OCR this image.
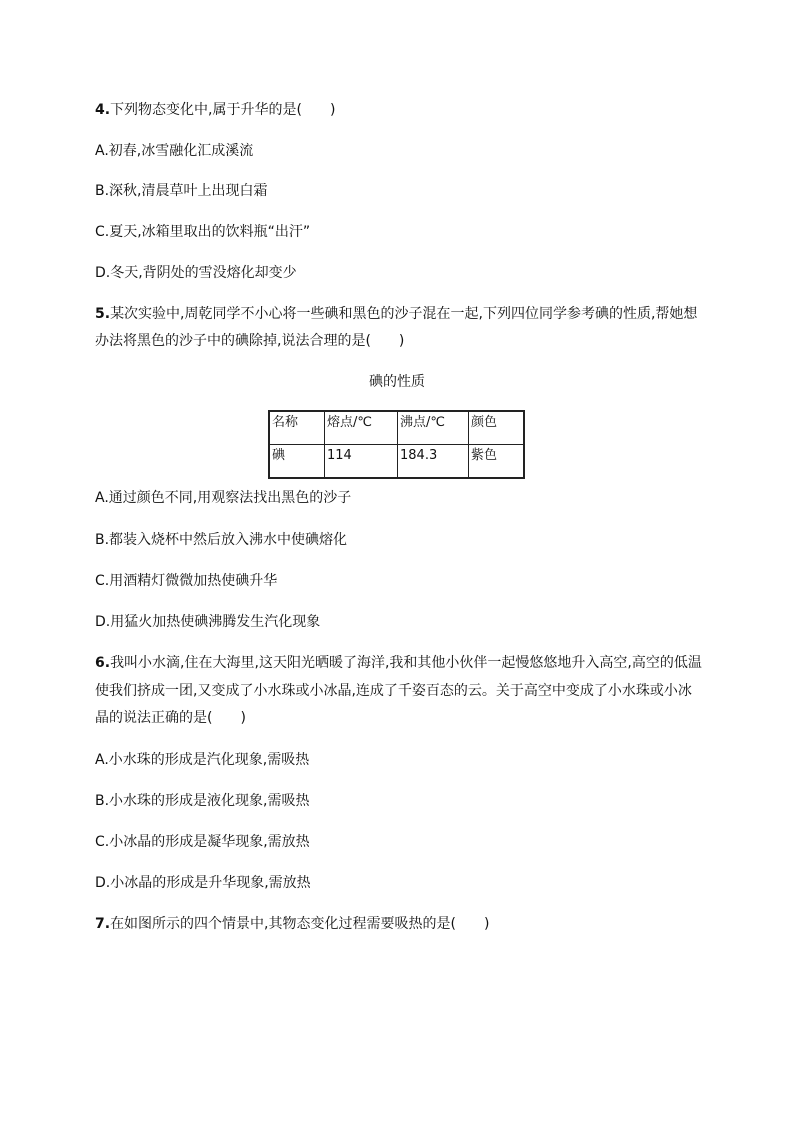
4.下列物态变化中,属于升华的是(　　)
A.初春,冰雪融化汇成溪流
B.深秋,清晨草叶上出现白霜
C.夏天,冰箱里取出的饮料瓶“出汗”
D.冬天,背阴处的雪没熔化却变少
5.某次实验中,周乾同学不小心将一些碘和黑色的沙子混在一起,下列四位同学参考碘的性质,帮她想
办法将黑色的沙子中的碘除掉,说法合理的是(　　)
碘的性质
名称	熔点/℃	沸点/℃	颜色
碘	114	184.3	紫色
A.通过颜色不同,用观察法找出黑色的沙子
B.都装入烧杯中然后放入沸水中使碘熔化
C.用酒精灯微微加热使碘升华
D.用猛火加热使碘沸腾发生汽化现象
6.我叫小水滴,住在大海里,这天阳光晒暖了海洋,我和其他小伙伴一起慢悠悠地升入高空,高空的低温
使我们挤成一团,又变成了小水珠或小冰晶,连成了千姿百态的云。关于高空中变成了小水珠或小冰
晶的说法正确的是(　　)
A.小水珠的形成是汽化现象,需吸热
B.小水珠的形成是液化现象,需吸热
C.小冰晶的形成是凝华现象,需放热
D.小冰晶的形成是升华现象,需放热
7.在如图所示的四个情景中,其物态变化过程需要吸热的是(　　)
